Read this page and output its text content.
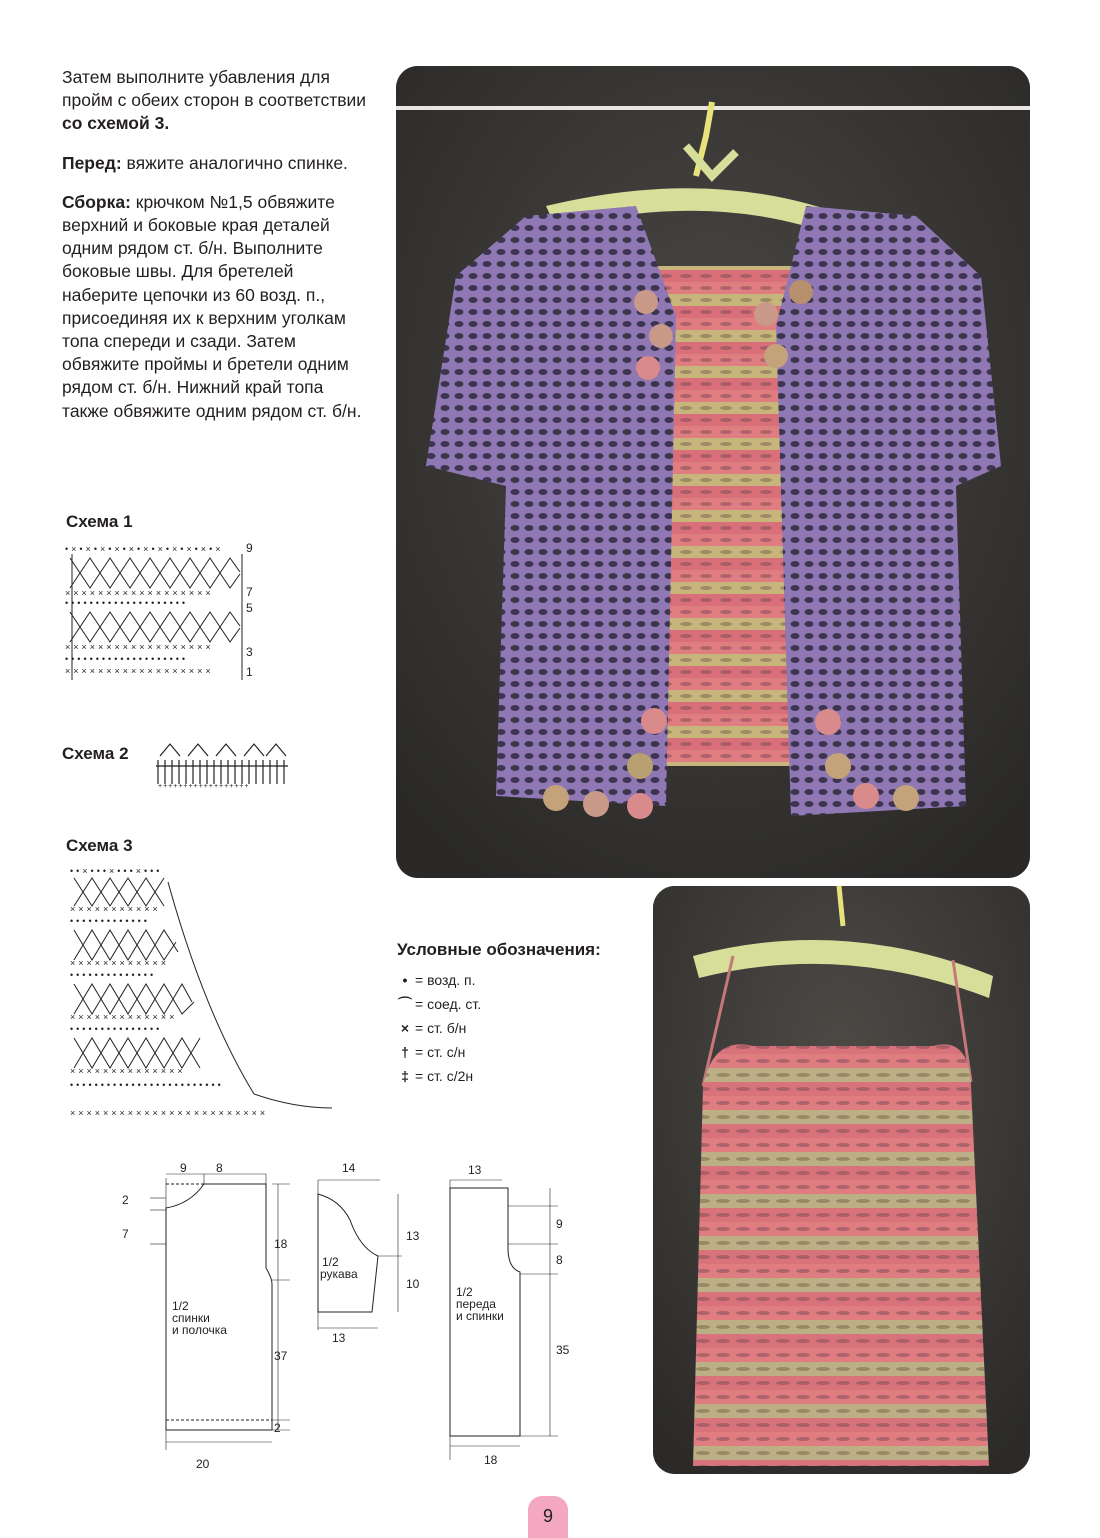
Затем выполните убавления для пройм с обеих сторон в соответствии со схемой 3.

Перед: вяжите аналогично спинке.

Сборка: крючком №1,5 обвяжите верхний и боковые края деталей одним рядом ст. б/н. Выполните боковые швы. Для бретелей наберите цепочки из 60 возд. п., присоединяя их к верхним уголкам топа спереди и сзади. Затем обвяжите проймы и бретели одним рядом ст. б/н. Нижний край топа также обвяжите одним рядом ст. б/н.

Схема 1
Схема 2
Схема 3
•×•×•×•×•×•×•×•×•×•×•×
××××××××××××××××××
••••••••••••••••••••
××××××××××××××××××
••••••••••••••••••••
××××××××××××××××××
9
7
5
3
1
++++++++++++++++++
••×•••×•••×•••
×××××××××××
•••••••••••••
××××××××××××
••••••••••••••
×××××××××××××
•••••••••••••••
××××××××××××××
•••••••••••••••••••••••••
××××××××××××××××××××××××
Условные обозначения:
• = возд. п.
⌒ = соед. ст.
× = ст. б/н
† = ст. с/н
‡ = ст. с/2н
9 8
2
7
18
37
2
20
1/2
спинки
и полочка
14
13
10
13
1/2
рукава
13
9
8
35
18
1/2
переда
и спинки
9
